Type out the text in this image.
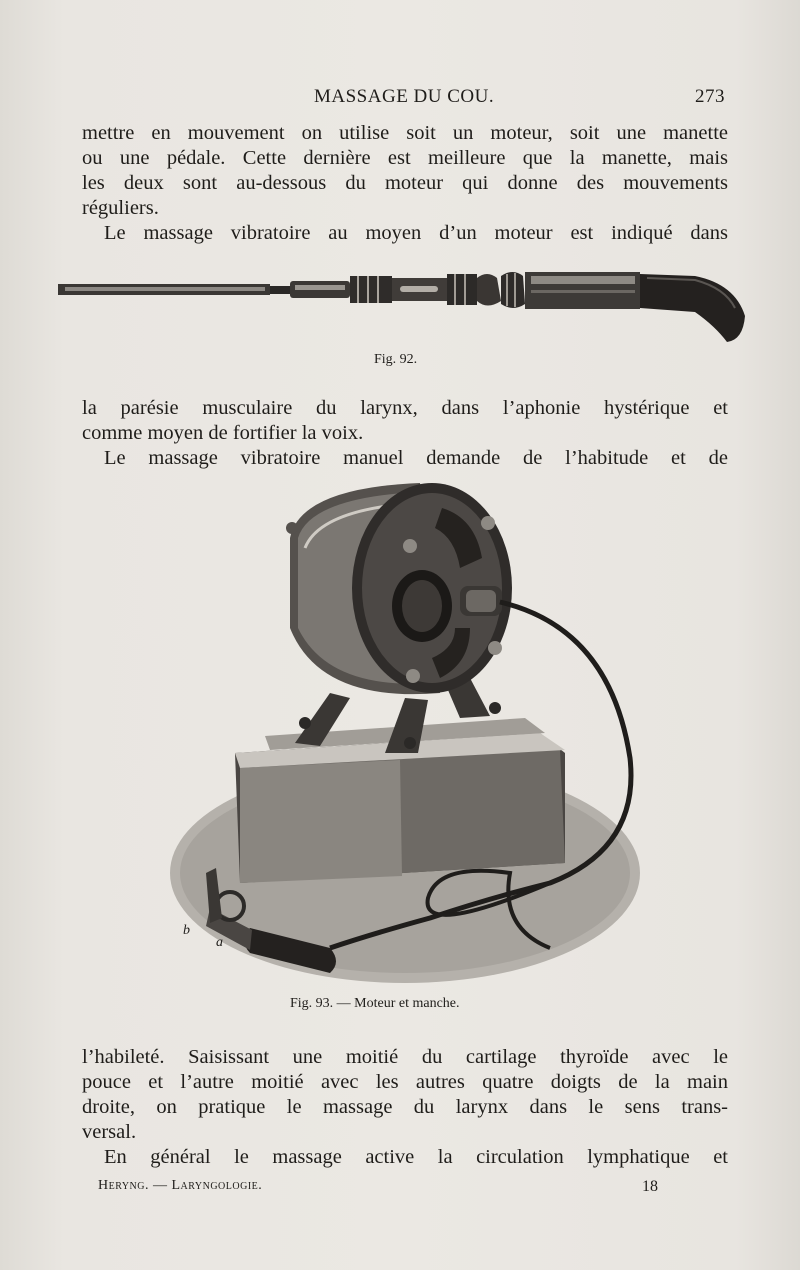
MASSAGE DU COU.	273
mettre en mouvement on utilise soit un moteur, soit une manette
ou une pédale. Cette dernière est meilleure que la manette, mais
les deux sont au-dessous du moteur qui donne des mouvements
réguliers.
Le massage vibratoire au moyen d’un moteur est indiqué dans
Fig. 92.
la parésie musculaire du larynx, dans l’aphonie hystérique et
comme moyen de fortifier la voix.
Le massage vibratoire manuel demande de l’habitude et de
a
b
Fig. 93. — Moteur et manche.
l’habileté. Saisissant une moitié du cartilage thyroïde avec le
pouce et l’autre moitié avec les autres quatre doigts de la main
droite, on pratique le massage du larynx dans le sens trans-
versal.
En général le massage active la circulation lymphatique et
Heryng. — Laryngologie.	18
